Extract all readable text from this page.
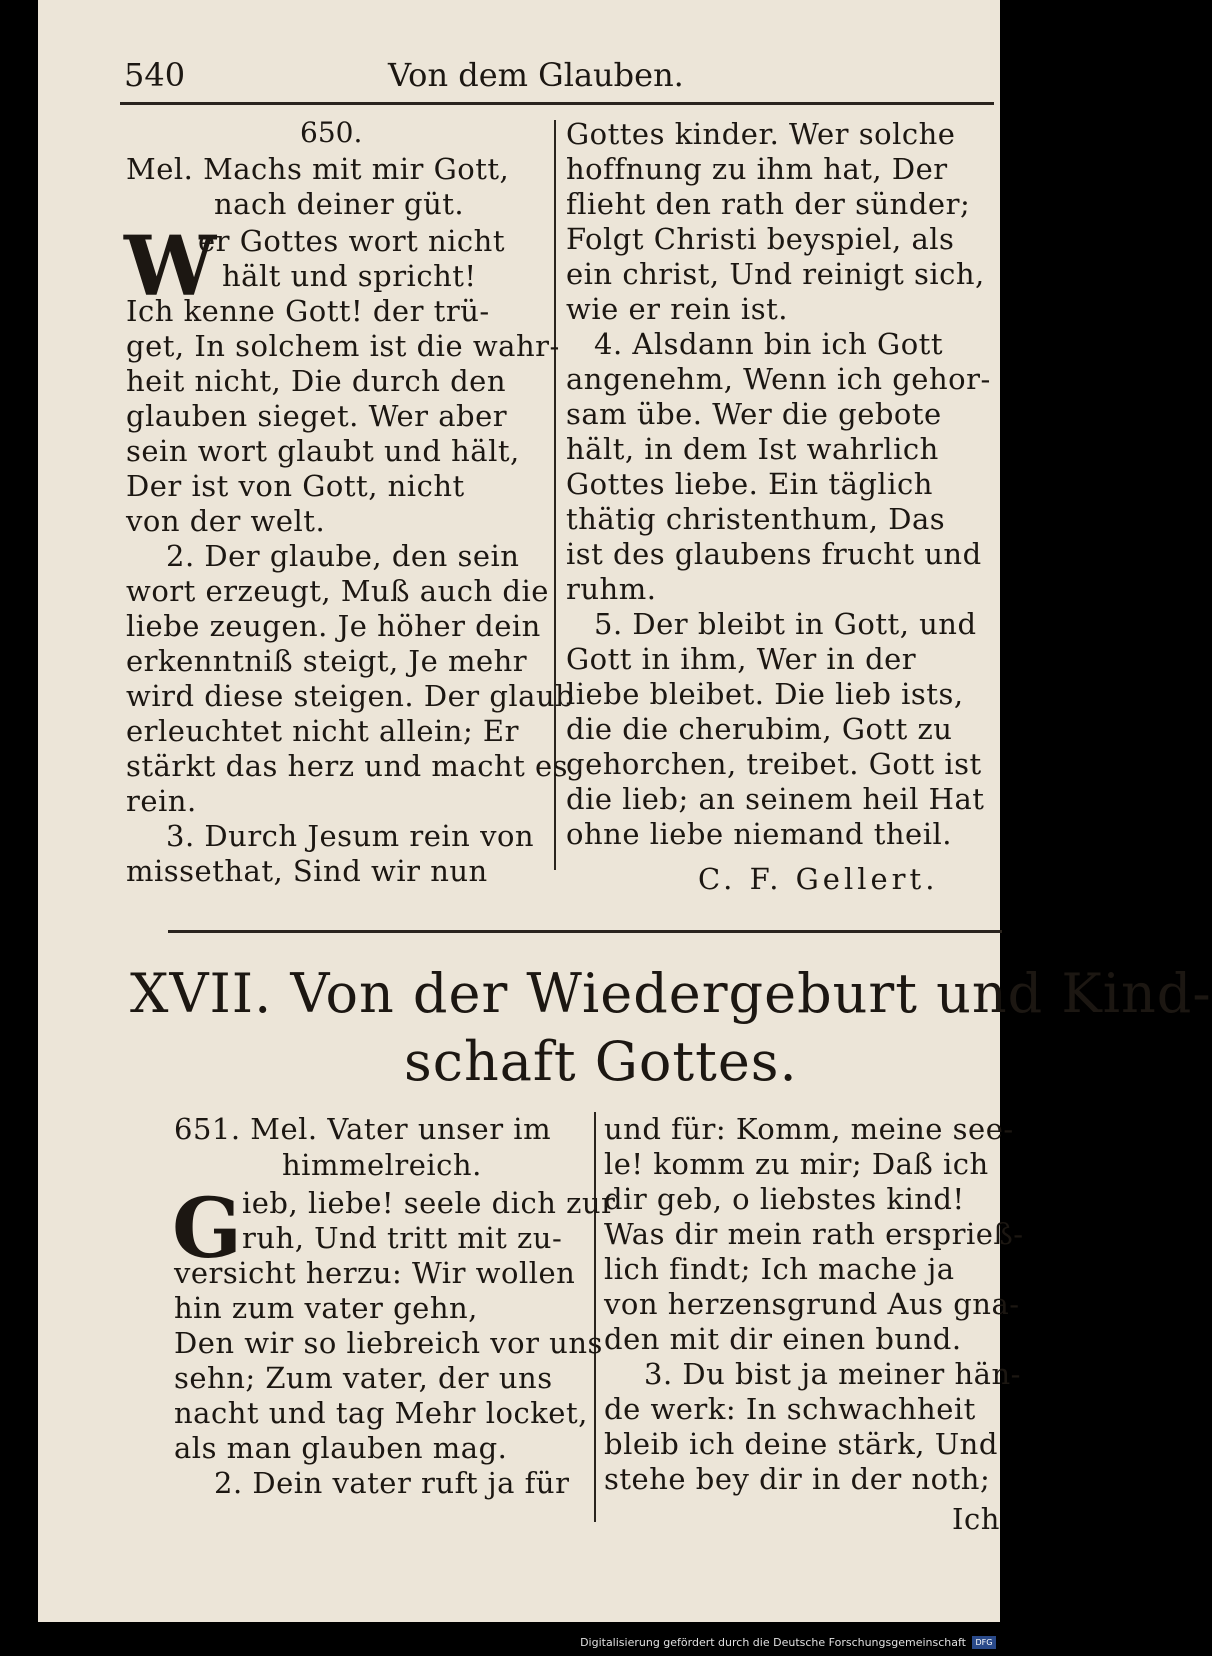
540	Von dem Glauben.
650.
Mel. Machs mit mir Gott,
nach deiner güt.
W
er Gottes wort nicht
hält und spricht!
Ich kenne Gott! der trü-
get, In solchem ist die wahr-
heit nicht, Die durch den
glauben sieget. Wer aber
sein wort glaubt und hält,
Der ist von Gott, nicht
von der welt.
2. Der glaube, den sein
wort erzeugt, Muß auch die
liebe zeugen. Je höher dein
erkenntniß steigt, Je mehr
wird diese steigen. Der glaub
erleuchtet nicht allein; Er
stärkt das herz und macht es
rein.
3. Durch Jesum rein von
missethat, Sind wir nun
Gottes kinder. Wer solche
hoffnung zu ihm hat, Der
flieht den rath der sünder;
Folgt Christi beyspiel, als
ein christ, Und reinigt sich,
wie er rein ist.
4. Alsdann bin ich Gott
angenehm, Wenn ich gehor-
sam übe. Wer die gebote
hält, in dem Ist wahrlich
Gottes liebe. Ein täglich
thätig christenthum, Das
ist des glaubens frucht und
ruhm.
5. Der bleibt in Gott, und
Gott in ihm, Wer in der
liebe bleibet. Die lieb ists,
die die cherubim, Gott zu
gehorchen, treibet. Gott ist
die lieb; an seinem heil Hat
ohne liebe niemand theil.
C. F. Gellert.
XVII. Von der Wiedergeburt und Kind-
schaft Gottes.
651. Mel. Vater unser im
himmelreich.
G ieb, liebe! seele dich zur
ruh, Und tritt mit zu-
versicht herzu: Wir wollen
hin zum vater gehn,
Den wir so liebreich vor uns
sehn; Zum vater, der uns
nacht und tag Mehr locket,
als man glauben mag.
2. Dein vater ruft ja für
und für: Komm, meine see-
le! komm zu mir; Daß ich
dir geb, o liebstes kind!
Was dir mein rath ersprieß-
lich findt; Ich mache ja
von herzensgrund Aus gna-
den mit dir einen bund.
3. Du bist ja meiner hän-
de werk: In schwachheit
bleib ich deine stärk, Und
stehe bey dir in der noth;
Ich
Digitalisierung gefördert durch die Deutsche Forschungsgemeinschaft	DFG
